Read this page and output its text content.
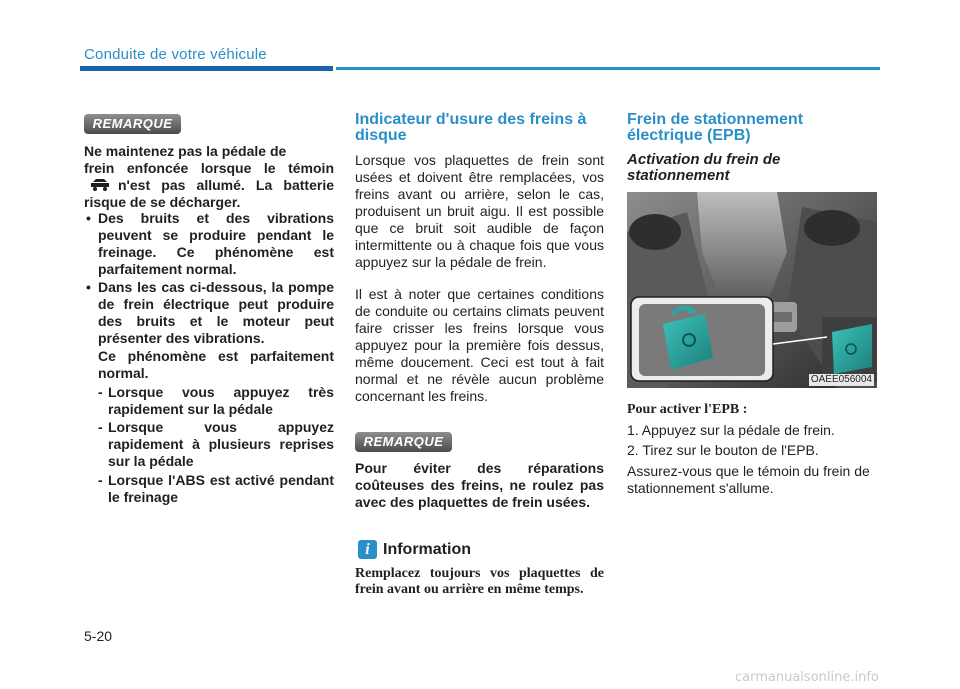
Conduite de votre véhicule
REMARQUE
Ne maintenez pas la pédale de
frein enfoncée lorsque le témoin
n'est pas allumé. La batterie
risque de se décharger.
• Des bruits et des vibrations peuvent se produire pendant le freinage. Ce phénomène est parfaitement normal.
• Dans les cas ci-dessous, la pompe de frein électrique peut produire des bruits et le moteur peut présenter des vibrations.
Ce phénomène est parfaitement normal.
- Lorsque vous appuyez très rapidement sur la pédale
- Lorsque vous appuyez rapidement à plusieurs reprises sur la pédale
- Lorsque l'ABS est activé pendant le freinage
Indicateur d'usure des freins à disque

Lorsque vos plaquettes de frein sont usées et doivent être remplacées, vos freins avant ou arrière, selon le cas, produisent un bruit aigu. Il est possible que ce bruit soit audible de façon intermittente ou à chaque fois que vous appuyez sur la pédale de frein.

Il est à noter que certaines conditions de conduite ou certains climats peuvent faire crisser les freins lorsque vous appuyez pour la première fois dessus, même doucement. Ceci est tout à fait normal et ne révèle aucun problème concernant les freins.

REMARQUE

Pour éviter des réparations coûteuses des freins, ne roulez pas avec des plaquettes de frein usées.

i Information

Remplacez toujours vos plaquettes de frein avant ou arrière en même temps.

Frein de stationnement électrique (EPB)
Activation du frein de stationnement
OAEE056004

Pour activer l'EPB :

1. Appuyez sur la pédale de frein.

2. Tirez sur le bouton de l'EPB.

Assurez-vous que le témoin du frein de stationnement s'allume.

5-20
carmanualsonline.info
